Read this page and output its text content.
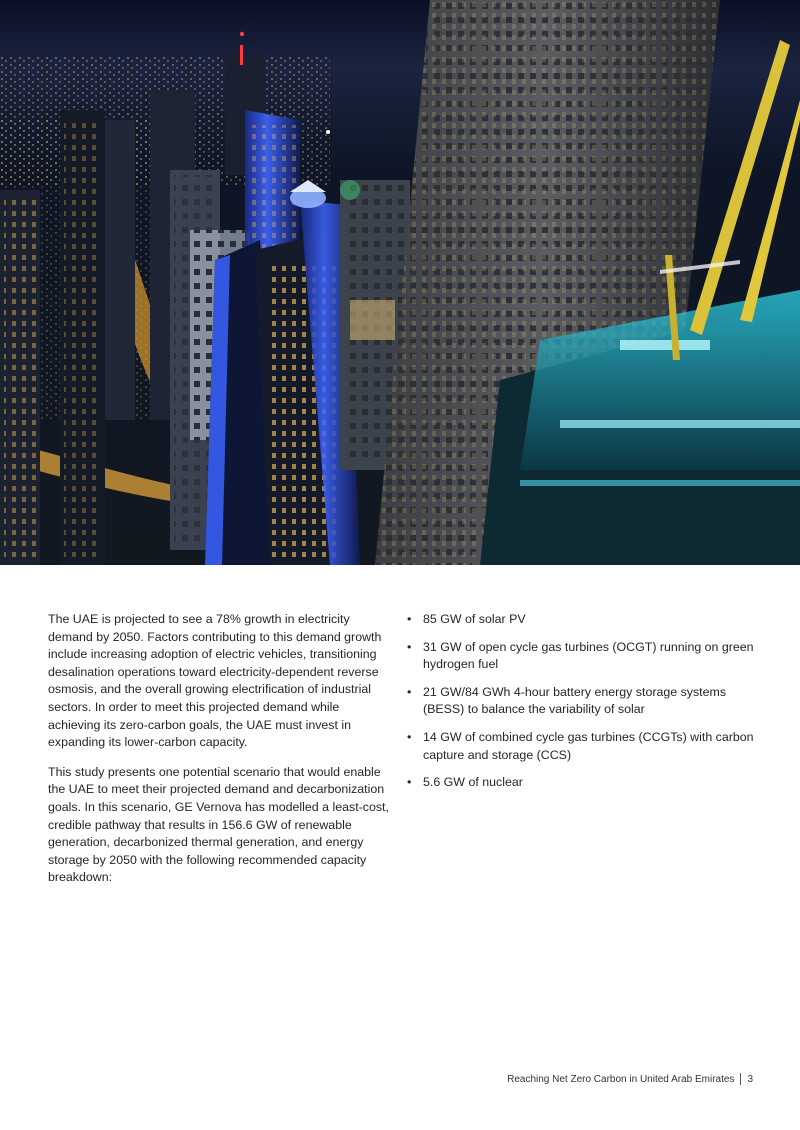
The UAE is projected to see a 78% growth in electricity demand by 2050. Factors contributing to this demand growth include increasing adoption of electric vehicles, transitioning desalination operations toward electricity-dependent reverse osmosis, and the overall growing electrification of industrial sectors. In order to meet this projected demand while achieving its zero-carbon goals, the UAE must invest in expanding its lower-carbon capacity.

This study presents one potential scenario that would enable the UAE to meet their projected demand and decarbonization goals. In this scenario, GE Vernova has modelled a least-cost, credible pathway that results in 156.6 GW of renewable generation, decarbonized thermal generation, and energy storage by 2050 with the following recommended capacity breakdown:

• 85 GW of solar PV
• 31 GW of open cycle gas turbines (OCGT) running on green hydrogen fuel
• 21 GW/84 GWh 4-hour battery energy storage systems (BESS) to balance the variability of solar
• 14 GW of combined cycle gas turbines (CCGTs) with carbon capture and storage (CCS)
• 5.6 GW of nuclear
Reaching Net Zero Carbon in United Arab Emirates 3
